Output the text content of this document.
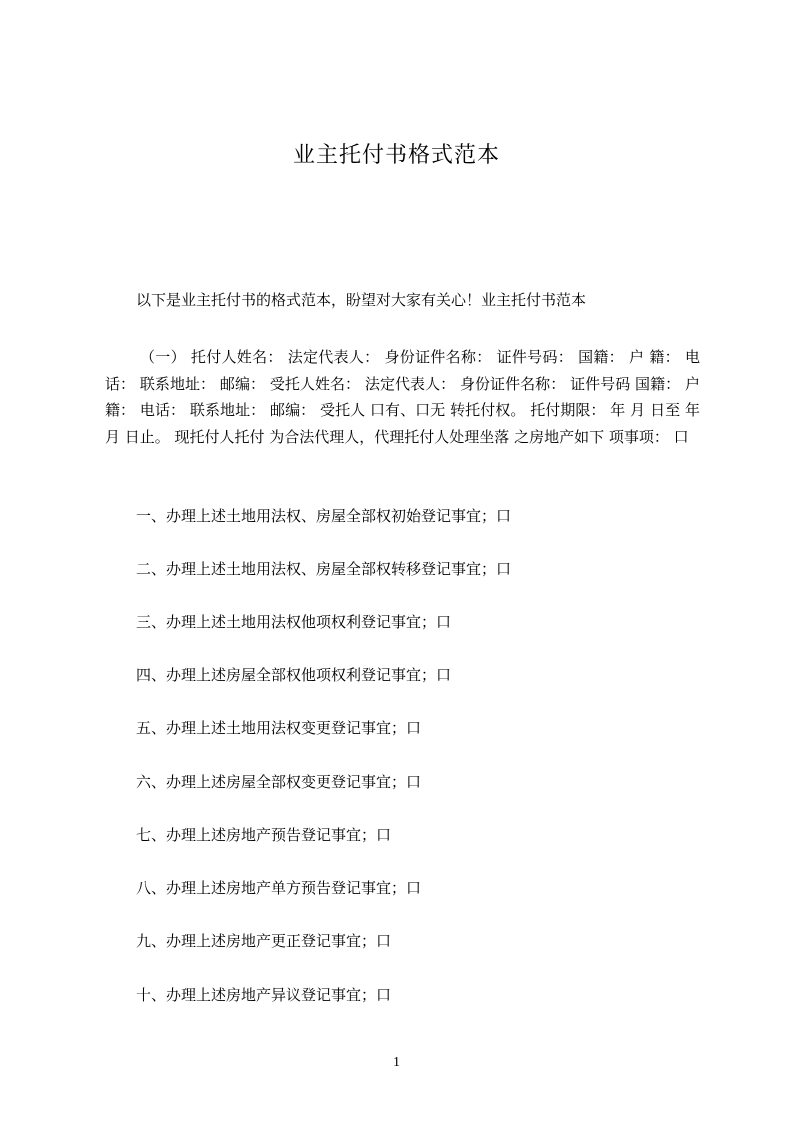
业主托付书格式范本
以下是业主托付书的格式范本，盼望对大家有关心！业主托付书范本
（一） 托付人姓名： 法定代表人： 身份证件名称： 证件号码： 国籍： 户 籍： 电话： 联系地址： 邮编： 受托人姓名： 法定代表人： 身份证件名称： 证件号码 国籍： 户 籍： 电话： 联系地址： 邮编： 受托人 口有、口无 转托付权。 托付期限： 年 月 日至 年 月 日止。 现托付人托付 为合法代理人，代理托付人处理坐落 之房地产如下 项事项： 口
一、办理上述土地用法权、房屋全部权初始登记事宜；口
二、办理上述土地用法权、房屋全部权转移登记事宜；口
三、办理上述土地用法权他项权利登记事宜；口
四、办理上述房屋全部权他项权利登记事宜；口
五、办理上述土地用法权变更登记事宜；口
六、办理上述房屋全部权变更登记事宜；口
七、办理上述房地产预告登记事宜；口
八、办理上述房地产单方预告登记事宜；口
九、办理上述房地产更正登记事宜；口
十、办理上述房地产异议登记事宜；口
1
